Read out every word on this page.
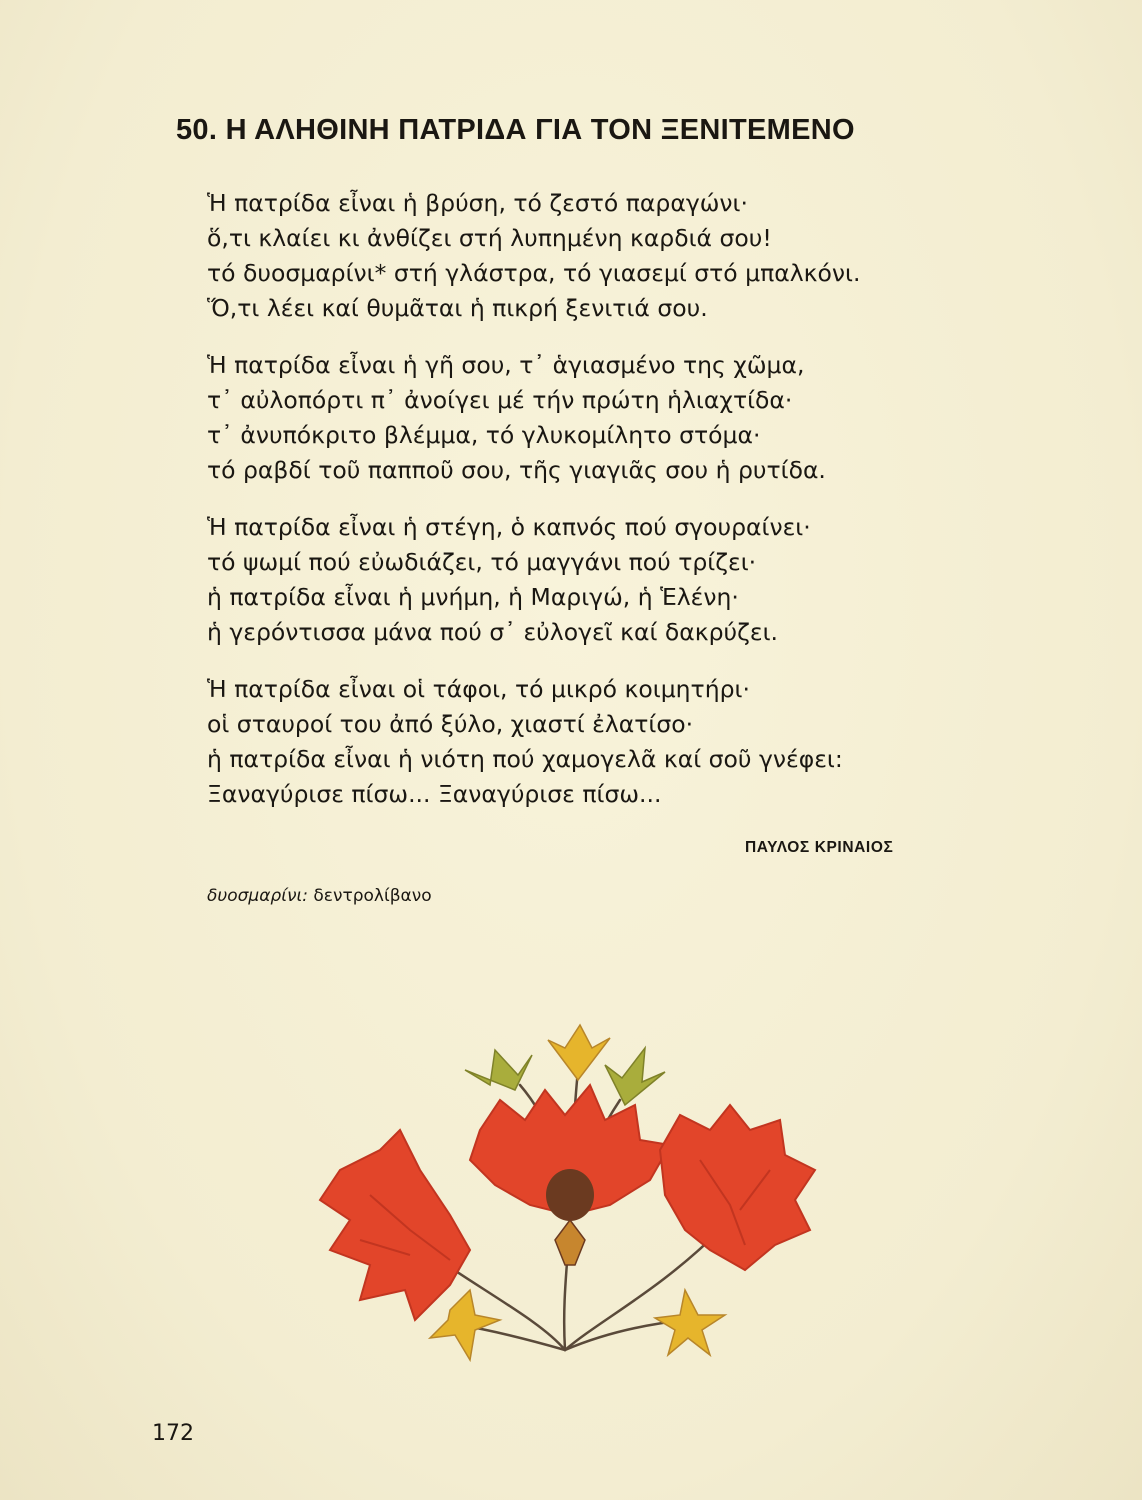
50. Η ΑΛΗΘΙΝΗ ΠΑΤΡΙΔΑ ΓΙΑ ΤΟΝ ΞΕΝΙΤΕΜΕΝΟ
Ἡ πατρίδα εἶναι ἡ βρύση, τό ζεστό παραγώνι·
ὅ,τι κλαίει κι ἀνθίζει στή λυπημένη καρδιά σου!
τό δυοσμαρίνι* στή γλάστρα, τό γιασεμί στό μπαλκόνι.
Ὅ,τι λέει καί θυμᾶται ἡ πικρή ξενιτιά σου.
Ἡ πατρίδα εἶναι ἡ γῆ σου, τ᾿ ἁγιασμένο της χῶμα,
τ᾿ αὐλοπόρτι π᾿ ἀνοίγει μέ τήν πρώτη ἡλιαχτίδα·
τ᾿ ἀνυπόκριτο βλέμμα, τό γλυκομίλητο στόμα·
τό ραβδί τοῦ παπποῦ σου, τῆς γιαγιᾶς σου ἡ ρυτίδα.
Ἡ πατρίδα εἶναι ἡ στέγη, ὁ καπνός πού σγουραίνει·
τό ψωμί πού εὐωδιάζει, τό μαγγάνι πού τρίζει·
ἡ πατρίδα εἶναι ἡ μνήμη, ἡ Μαριγώ, ἡ Ἑλένη·
ἡ γερόντισσα μάνα πού σ᾿ εὐλογεῖ καί δακρύζει.
Ἡ πατρίδα εἶναι οἱ τάφοι, τό μικρό κοιμητήρι·
οἱ σταυροί του ἀπό ξύλο, χιαστί ἐλατίσο·
ἡ πατρίδα εἶναι ἡ νιότη πού χαμογελᾶ καί σοῦ γνέφει:
Ξαναγύρισε πίσω... Ξαναγύρισε πίσω...
ΠΑΥΛΟΣ ΚΡΙΝΑΙΟΣ
δυοσμαρίνι: δεντρολίβανο
172
